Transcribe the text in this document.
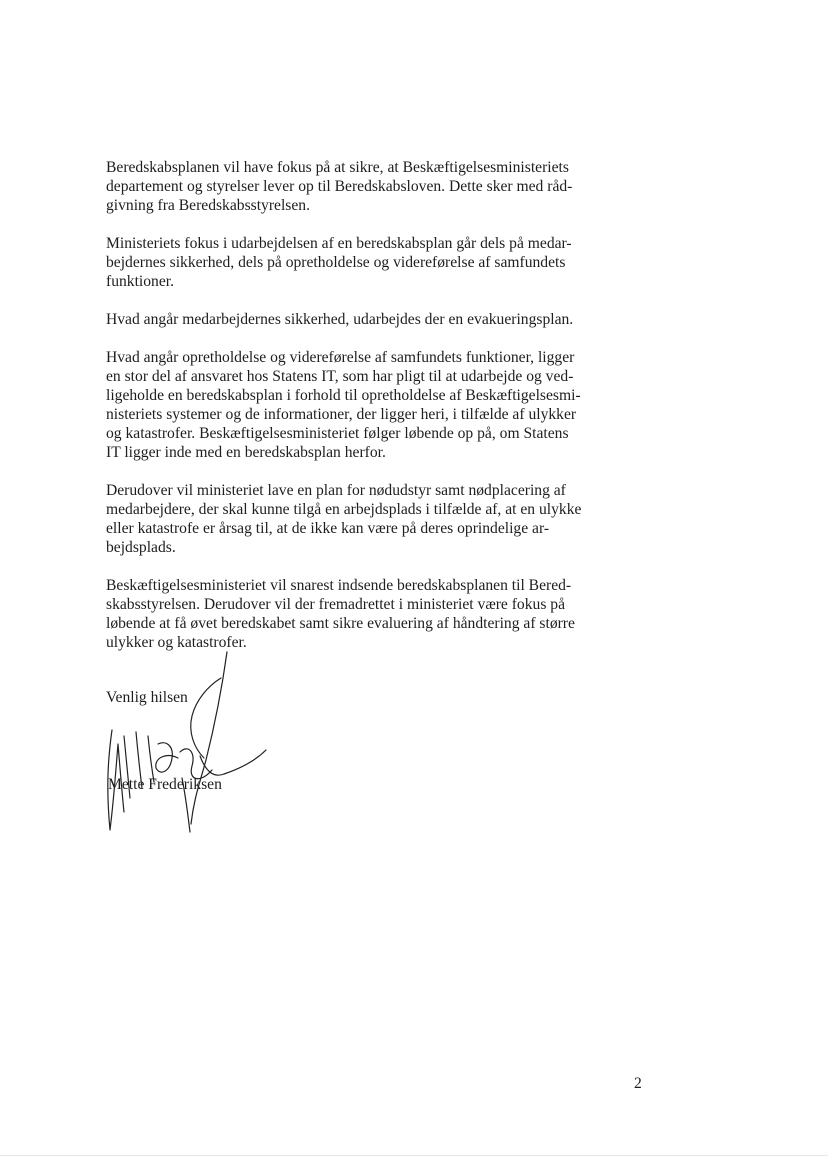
Beredskabsplanen vil have fokus på at sikre, at Beskæftigelsesministeriets
departement og styrelser lever op til Beredskabsloven. Dette sker med råd-
givning fra Beredskabsstyrelsen.

Ministeriets fokus i udarbejdelsen af en beredskabsplan går dels på medar-
bejdernes sikkerhed, dels på opretholdelse og videreførelse af samfundets
funktioner.

Hvad angår medarbejdernes sikkerhed, udarbejdes der en evakueringsplan.

Hvad angår opretholdelse og videreførelse af samfundets funktioner, ligger
en stor del af ansvaret hos Statens IT, som har pligt til at udarbejde og ved-
ligeholde en beredskabsplan i forhold til opretholdelse af Beskæftigelsesmi-
nisteriets systemer og de informationer, der ligger heri, i tilfælde af ulykker
og katastrofer. Beskæftigelsesministeriet følger løbende op på, om Statens
IT ligger inde med en beredskabsplan herfor.

Derudover vil ministeriet lave en plan for nødudstyr samt nødplacering af
medarbejdere, der skal kunne tilgå en arbejdsplads i tilfælde af, at en ulykke
eller katastrofe er årsag til, at de ikke kan være på deres oprindelige ar-
bejdsplads.

Beskæftigelsesministeriet vil snarest indsende beredskabsplanen til Bered-
skabsstyrelsen. Derudover vil der fremadrettet i ministeriet være fokus på
løbende at få øvet beredskabet samt sikre evaluering af håndtering af større
ulykker og katastrofer.

Venlig hilsen
Mette Frederiksen
2
